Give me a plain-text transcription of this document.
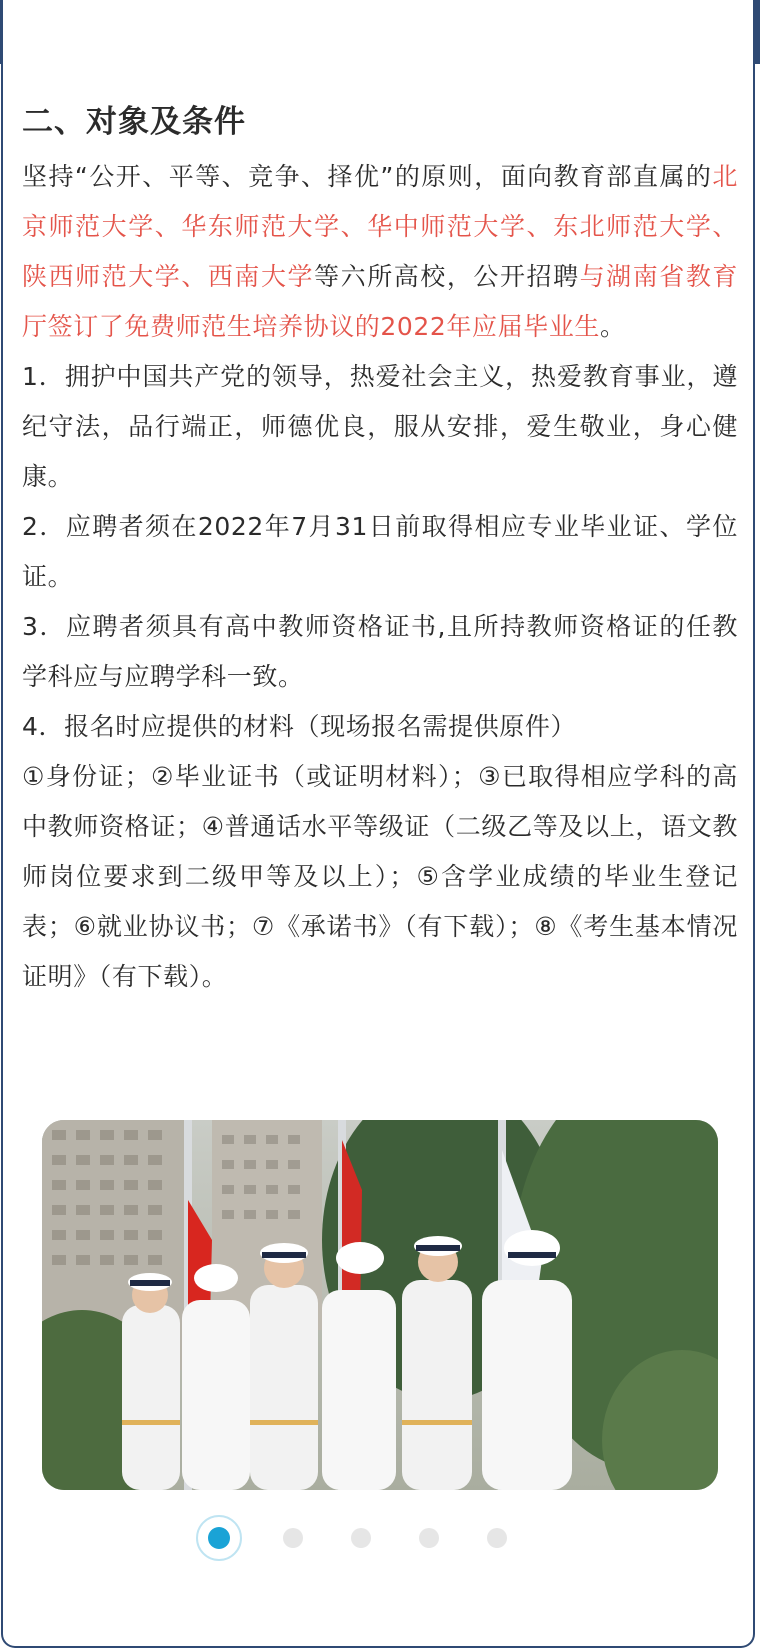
二、对象及条件

坚持“公开、平等、竞争、择优”的原则，面向教育部直属的北京师范大学、华东师范大学、华中师范大学、东北师范大学、陕西师范大学、西南大学等六所高校，公开招聘与湖南省教育厅签订了免费师范生培养协议的2022年应届毕业生。

1．拥护中国共产党的领导，热爱社会主义，热爱教育事业，遵纪守法，品行端正，师德优良，服从安排，爱生敬业，身心健康。

2．应聘者须在2022年7月31日前取得相应专业毕业证、学位证。

3．应聘者须具有高中教师资格证书,且所持教师资格证的任教学科应与应聘学科一致。

4．报名时应提供的材料（现场报名需提供原件）

①身份证；②毕业证书（或证明材料）；③已取得相应学科的高中教师资格证；④普通话水平等级证（二级乙等及以上，语文教师岗位要求到二级甲等及以上）；⑤含学业成绩的毕业生登记表；⑥就业协议书；⑦《承诺书》（有下载）；⑧《考生基本情况证明》（有下载）。
